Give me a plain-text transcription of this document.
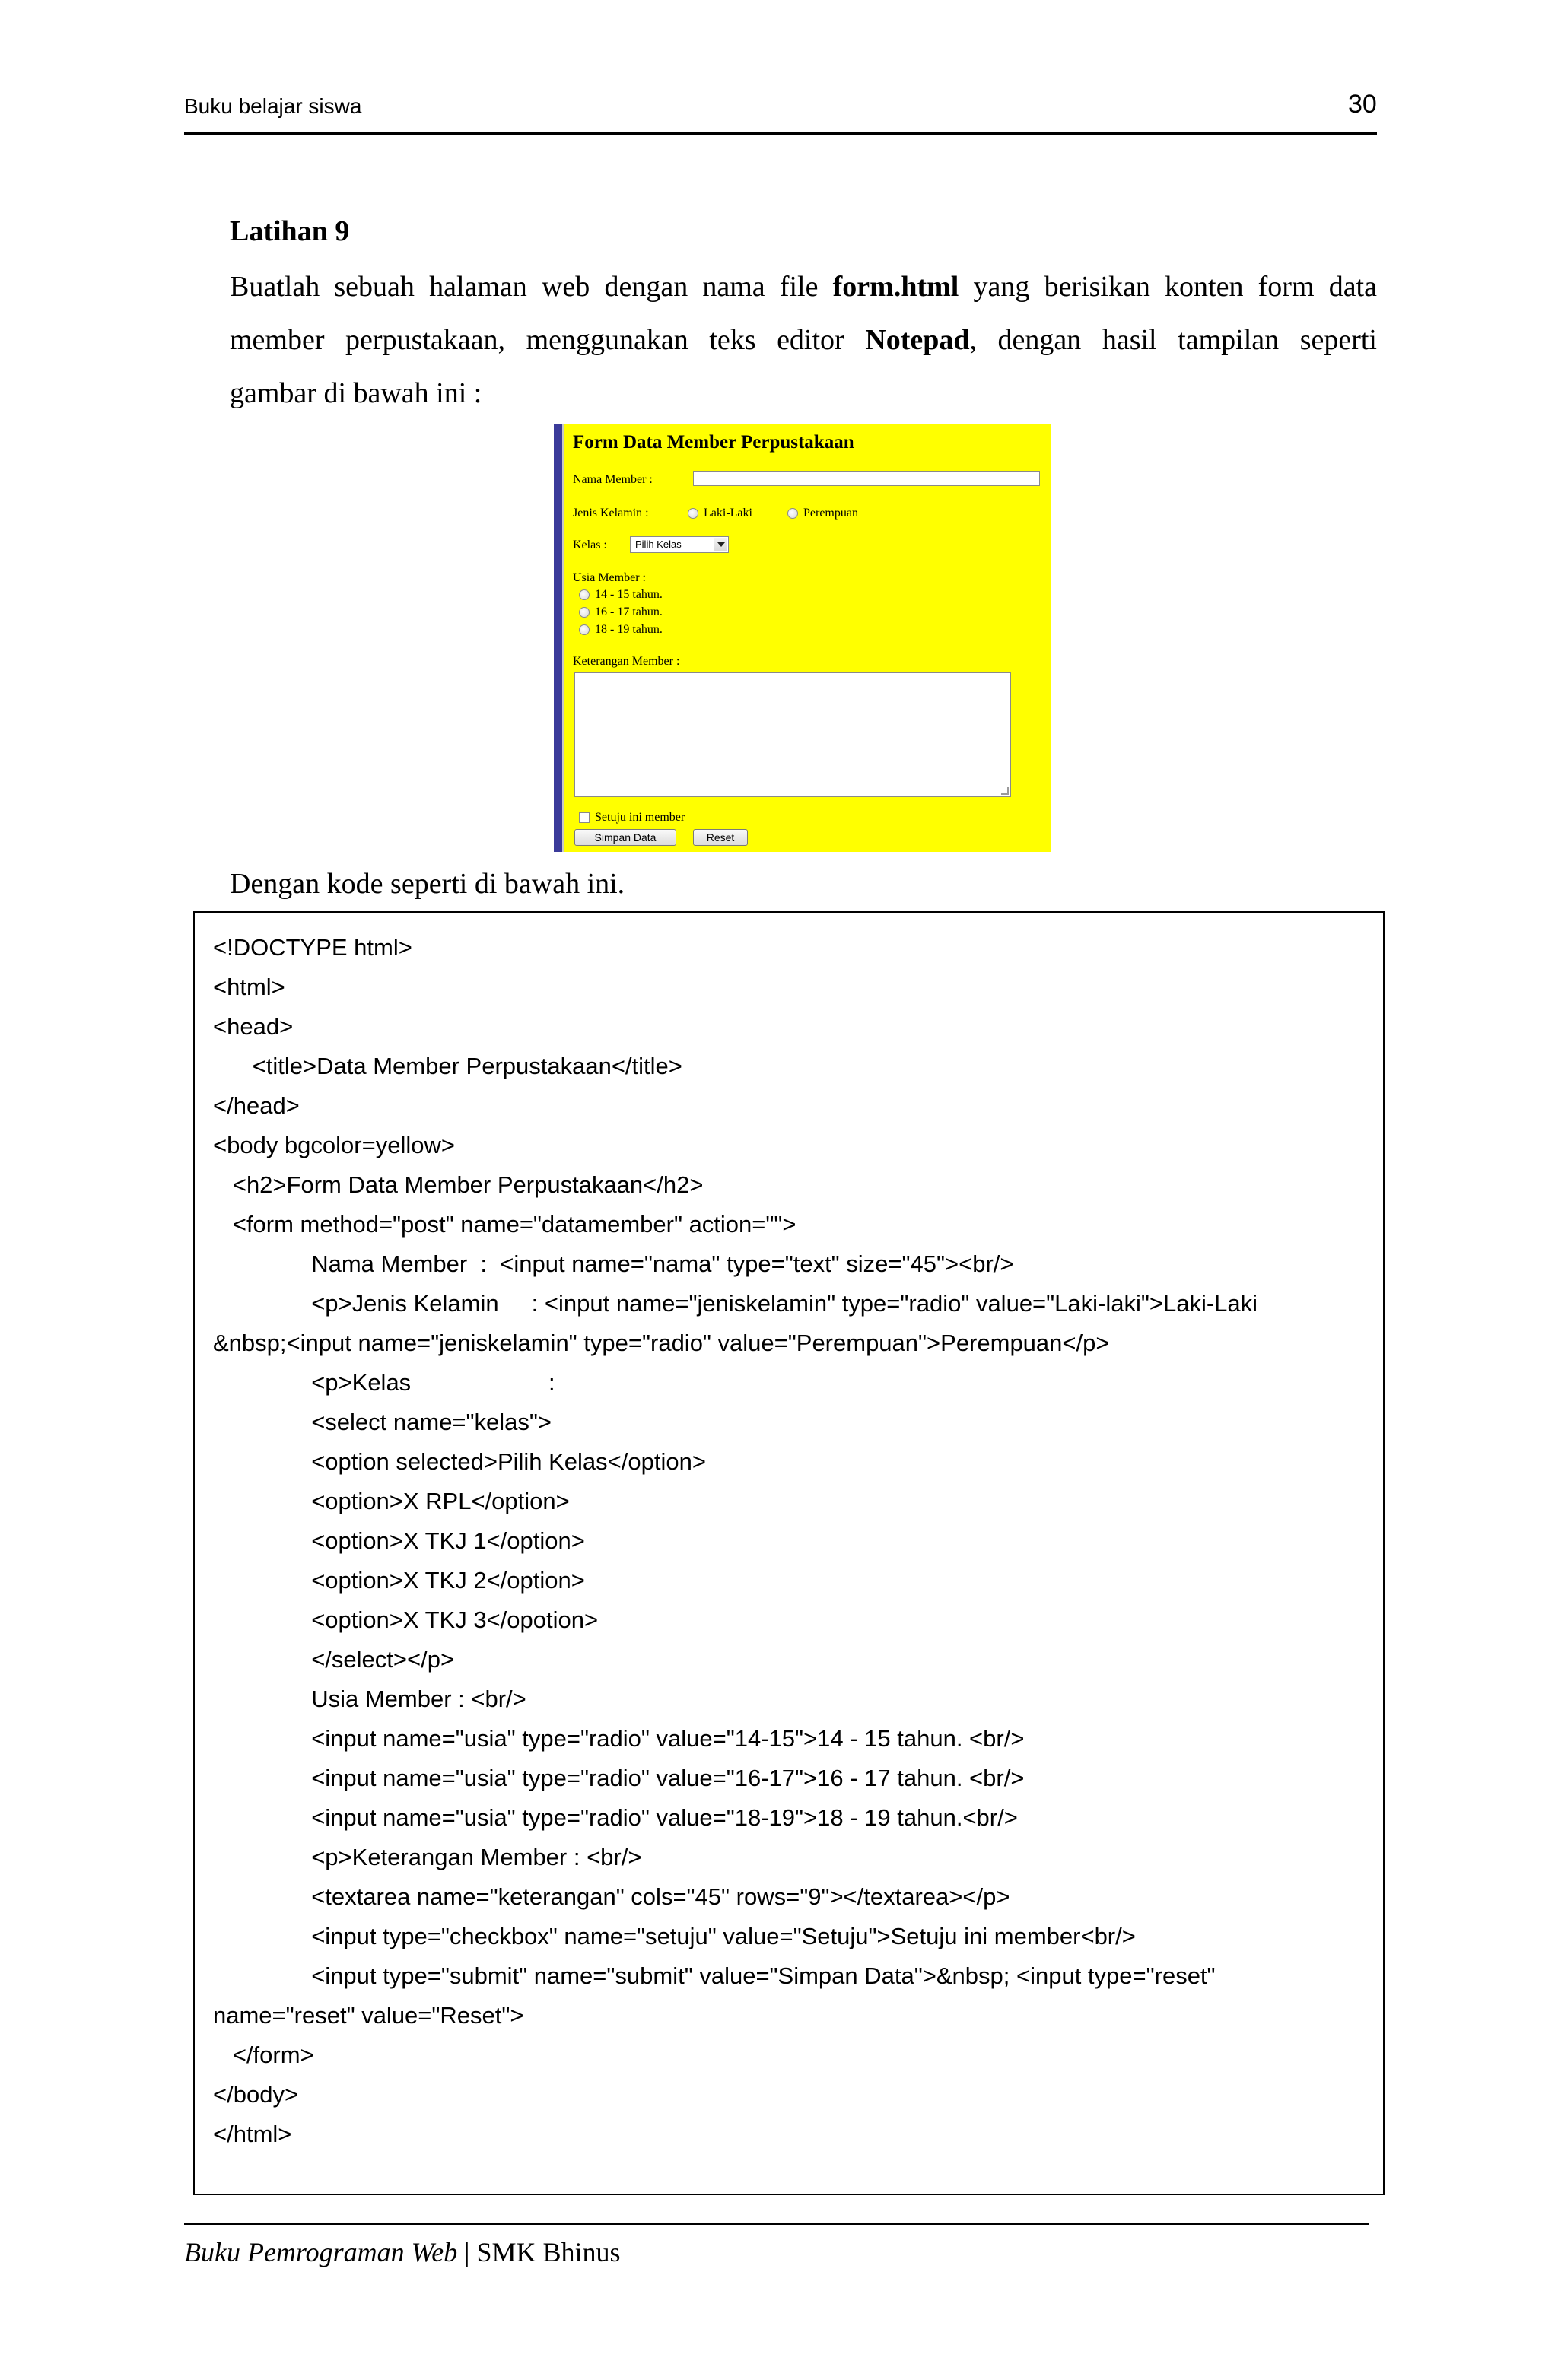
Buku belajar siswa	30
Latihan 9
Buatlah sebuah halaman web dengan nama file form.html yang berisikan konten form data
member perpustakaan, menggunakan teks editor Notepad, dengan hasil tampilan seperti
gambar di bawah ini :
Form Data Member Perpustakaan
Nama Member :
Jenis Kelamin :	Laki-Laki	Perempuan
Kelas :	Pilih Kelas
Usia Member :
14 - 15 tahun.
16 - 17 tahun.
18 - 19 tahun.
Keterangan Member :
Setuju ini member
Simpan Data	Reset
Dengan kode seperti di bawah ini.
<!DOCTYPE html>
<html>
<head>
<title>Data Member Perpustakaan</title>
</head>
<body bgcolor=yellow>
<h2>Form Data Member Perpustakaan</h2>
<form method="post" name="datamember" action="">
Nama Member  :  <input name="nama" type="text" size="45"><br/>
<p>Jenis Kelamin     : <input name="jeniskelamin" type="radio" value="Laki-laki">Laki-Laki
&nbsp;<input name="jeniskelamin" type="radio" value="Perempuan">Perempuan</p>
<p>Kelas                     :
<select name="kelas">
<option selected>Pilih Kelas</option>
<option>X RPL</option>
<option>X TKJ 1</option>
<option>X TKJ 2</option>
<option>X TKJ 3</opotion>
</select></p>
Usia Member : <br/>
<input name="usia" type="radio" value="14-15">14 - 15 tahun. <br/>
<input name="usia" type="radio" value="16-17">16 - 17 tahun. <br/>
<input name="usia" type="radio" value="18-19">18 - 19 tahun.<br/>
<p>Keterangan Member : <br/>
<textarea name="keterangan" cols="45" rows="9"></textarea></p>
<input type="checkbox" name="setuju" value="Setuju">Setuju ini member<br/>
<input type="submit" name="submit" value="Simpan Data">&nbsp; <input type="reset"
name="reset" value="Reset">
</form>
</body>
</html>
Buku Pemrograman Web | SMK Bhinus
